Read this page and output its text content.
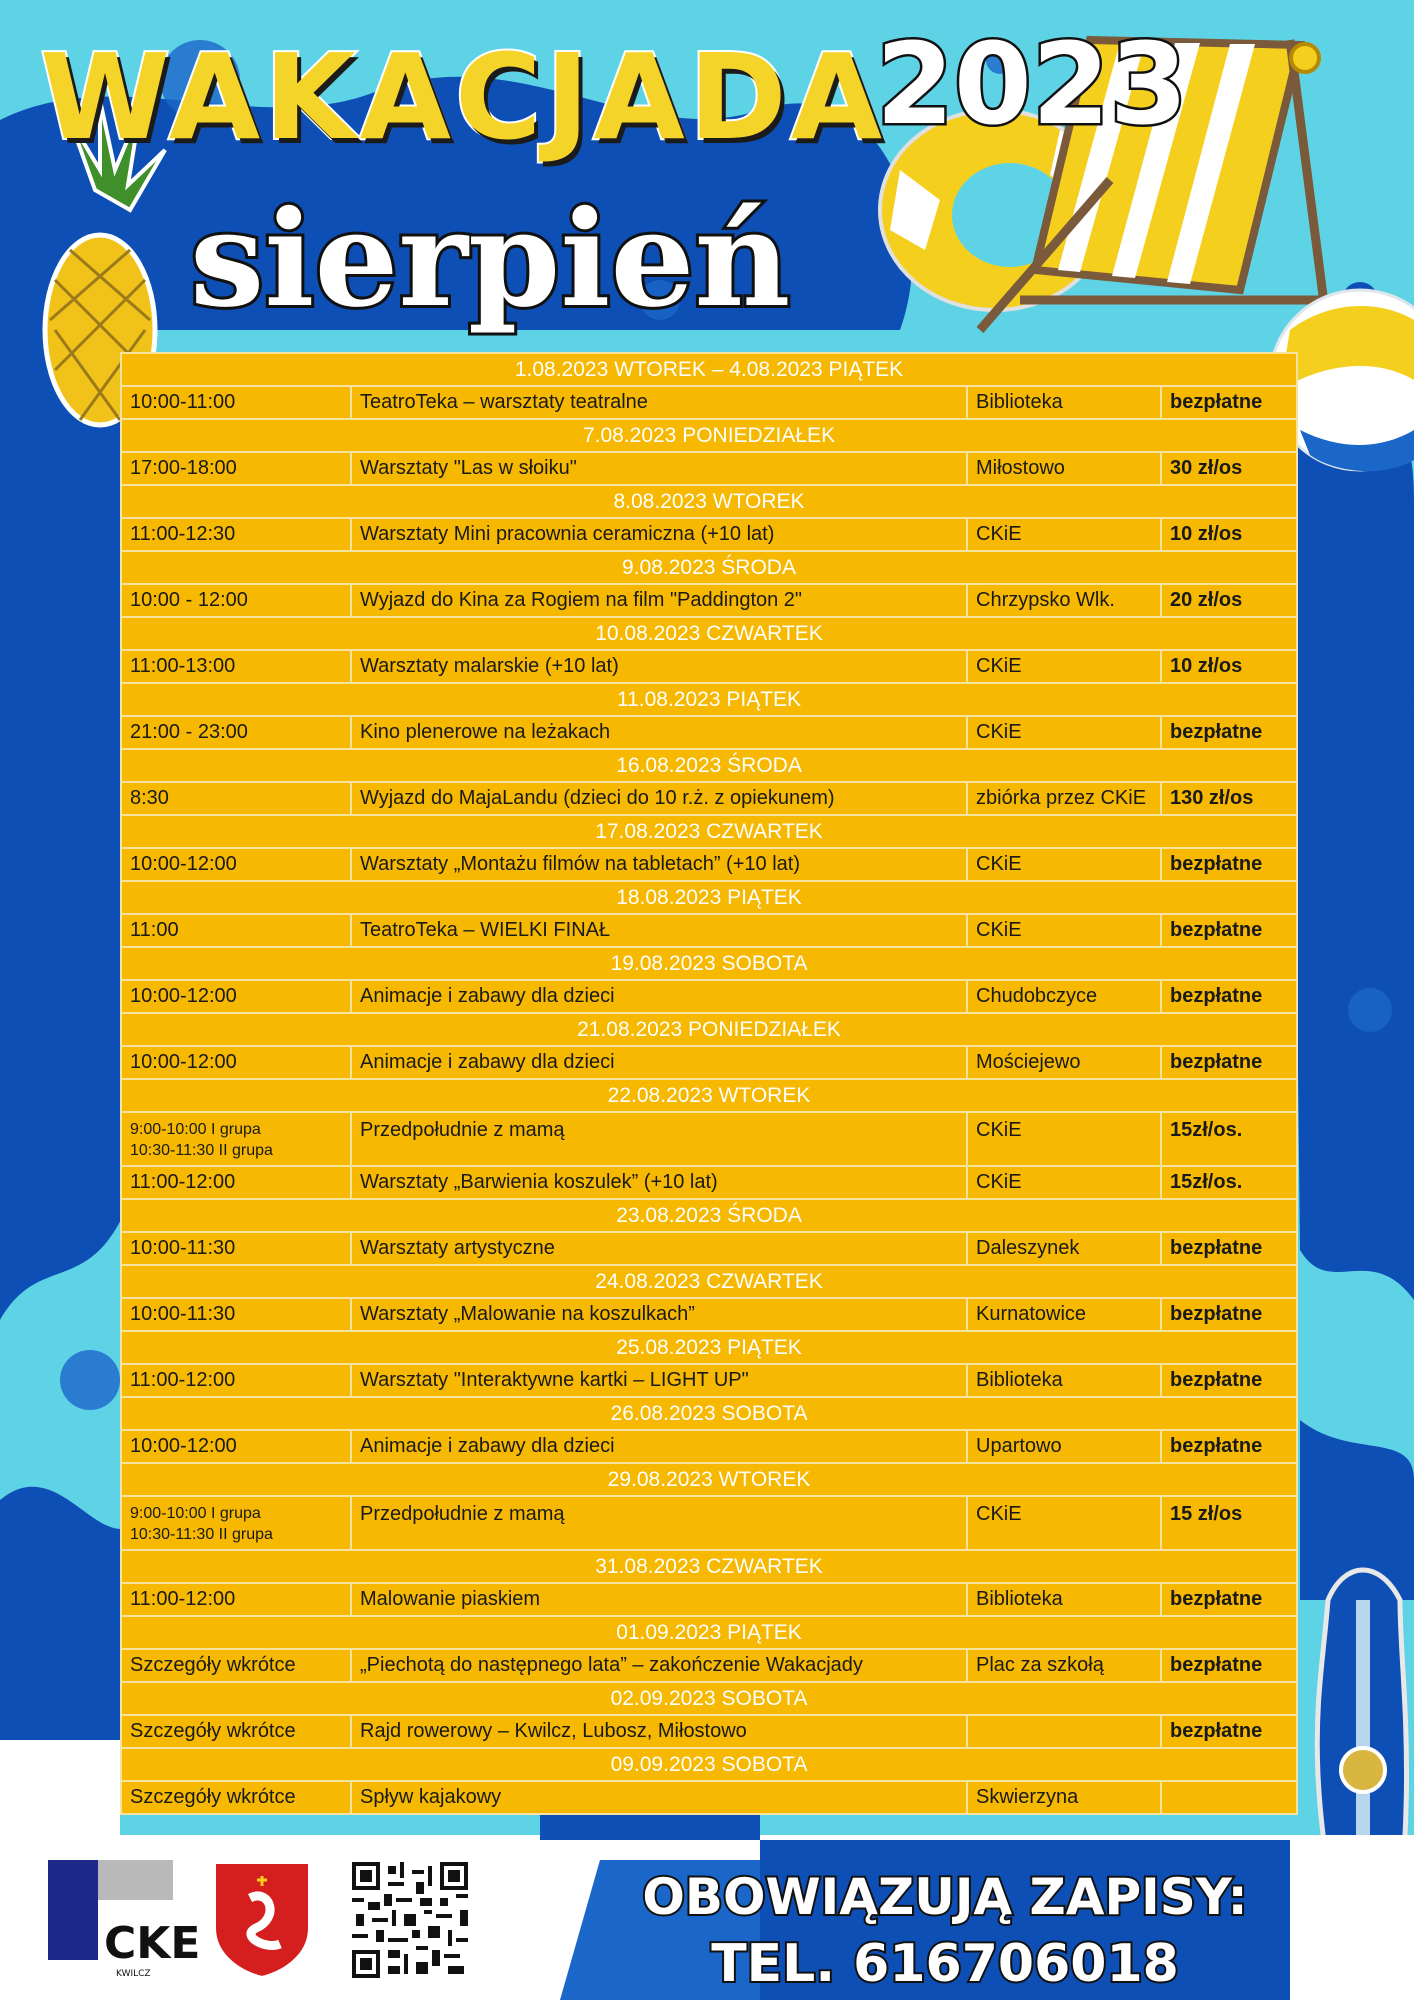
WAKACJADA
2023
sierpień
1.08.2023 WTOREK – 4.08.2023 PIĄTEK			
10:00-11:00	TeatroTeka – warsztaty teatralne	Biblioteka	bezpłatne
7.08.2023 PONIEDZIAŁEK			
17:00-18:00	Warsztaty "Las w słoiku"	Miłostowo	30 zł/os
8.08.2023 WTOREK			
11:00-12:30	Warsztaty Mini pracownia ceramiczna (+10 lat)	CKiE	10 zł/os
9.08.2023 ŚRODA			
10:00 - 12:00	Wyjazd do Kina za Rogiem na film "Paddington 2"	Chrzypsko Wlk.	20 zł/os
10.08.2023 CZWARTEK			
11:00-13:00	Warsztaty malarskie (+10 lat)	CKiE	10 zł/os
11.08.2023 PIĄTEK			
21:00 - 23:00	Kino plenerowe na leżakach	CKiE	bezpłatne
16.08.2023 ŚRODA			
8:30	Wyjazd do MajaLandu (dzieci do 10 r.ż. z opiekunem)	zbiórka przez CKiE	130 zł/os
17.08.2023 CZWARTEK			
10:00-12:00	Warsztaty „Montażu filmów na tabletach” (+10 lat)	CKiE	bezpłatne
18.08.2023 PIĄTEK			
11:00	TeatroTeka – WIELKI FINAŁ	CKiE	bezpłatne
19.08.2023 SOBOTA			
10:00-12:00	Animacje i zabawy dla dzieci	Chudobczyce	bezpłatne
21.08.2023 PONIEDZIAŁEK			
10:00-12:00	Animacje i zabawy dla dzieci	Mościejewo	bezpłatne
22.08.2023 WTOREK			

9:00-10:00 I grupa
10:30-11:30 II grupa	Przedpołudnie z mamą	CKiE	15zł/os.
11:00-12:00	Warsztaty „Barwienia koszulek” (+10 lat)	CKiE	15zł/os.
23.08.2023 ŚRODA			
10:00-11:30	Warsztaty artystyczne	Daleszynek	bezpłatne
24.08.2023 CZWARTEK			
10:00-11:30	Warsztaty „Malowanie na koszulkach”	Kurnatowice	bezpłatne
25.08.2023 PIĄTEK			
11:00-12:00	Warsztaty "Interaktywne kartki – LIGHT UP"	Biblioteka	bezpłatne
26.08.2023 SOBOTA			
10:00-12:00	Animacje i zabawy dla dzieci	Upartowo	bezpłatne
29.08.2023 WTOREK			

9:00-10:00 I grupa
10:30-11:30 II grupa	Przedpołudnie z mamą	CKiE	15 zł/os
31.08.2023 CZWARTEK			
11:00-12:00	Malowanie piaskiem	Biblioteka	bezpłatne
01.09.2023 PIĄTEK			
Szczegóły wkrótce	„Piechotą do następnego lata” – zakończenie Wakacjady	Plac za szkołą	bezpłatne
02.09.2023 SOBOTA			
Szczegóły wkrótce	Rajd rowerowy – Kwilcz, Lubosz, Miłostowo		bezpłatne
09.09.2023 SOBOTA			
Szczegóły wkrótce	Spływ kajakowy	Skwierzyna	
CKE
KWILCZ
OBOWIĄZUJĄ ZAPISY:
TEL. 616706018
